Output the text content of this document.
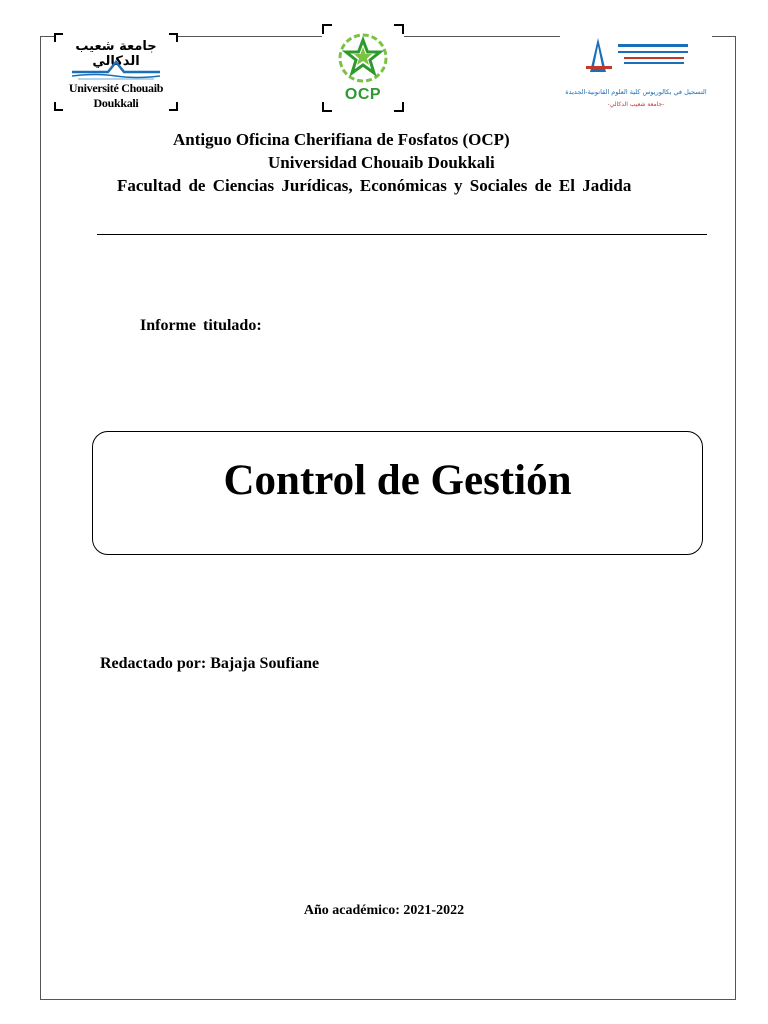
جامعة شعيب الدكالي
Université Chouaib Doukkali	OCP	التسجيل في بكالوريوس كلية العلوم القانونية-الجديدة
-جامعة شعيب الدكالي-
Antiguo Oficina Cherifiana de Fosfatos (OCP)
Universidad Chouaib Doukkali
Facultad de Ciencias Jurídicas, Económicas y Sociales de El Jadida
Informe titulado:
Control de Gestión
Redactado por: Bajaja Soufiane
Año académico: 2021-2022
